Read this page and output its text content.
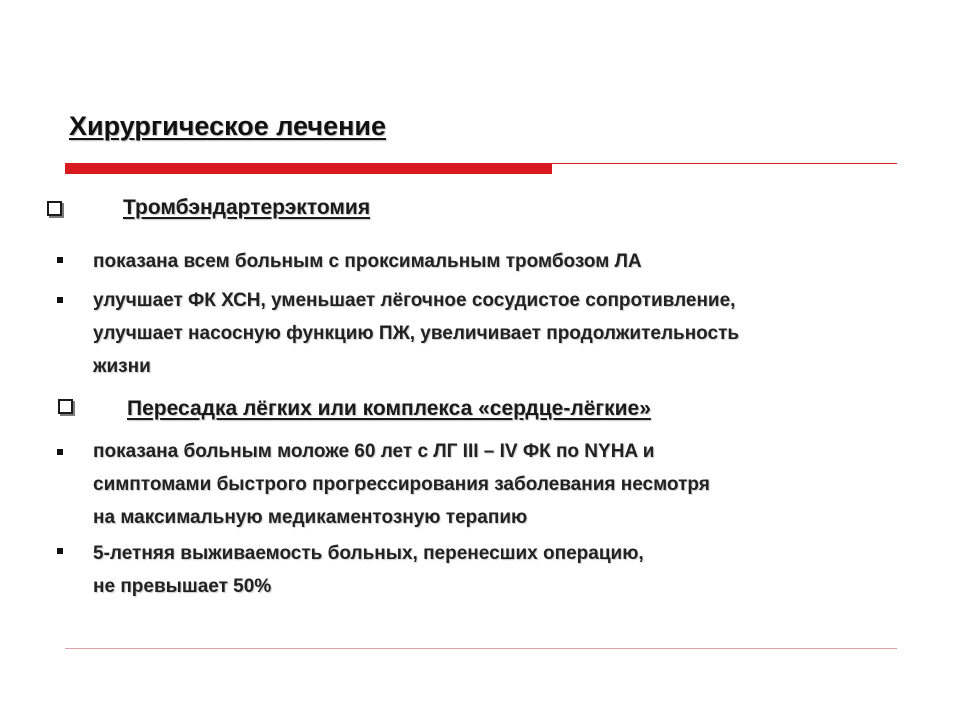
Хирургическое лечение
Тромбэндартерэктомия
показана всем больным с проксимальным тромбозом ЛА
улучшает ФК ХСН, уменьшает лёгочное сосудистое сопротивление,
улучшает насосную функцию ПЖ, увеличивает продолжительность
жизни
Пересадка лёгких или комплекса «сердце-лёгкие»
показана больным моложе 60 лет с ЛГ III – IV ФК по NYHA и
симптомами быстрого прогрессирования заболевания несмотря
на максимальную медикаментозную терапию
5-летняя выживаемость больных, перенесших операцию,
не превышает 50%
